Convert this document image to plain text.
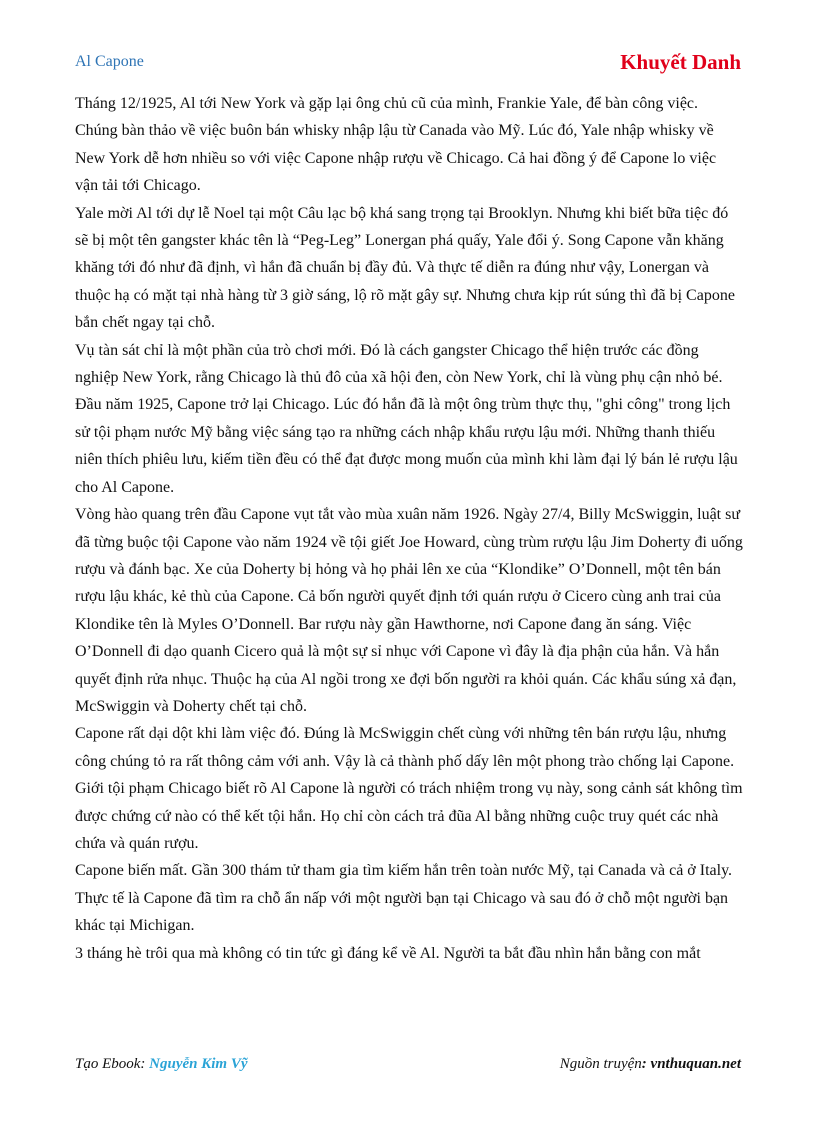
Al Capone	Khuyết Danh

Tháng 12/1925, Al tới New York và gặp lại ông chủ cũ của mình, Frankie Yale, để bàn công việc. Chúng bàn thảo về việc buôn bán whisky nhập lậu từ Canada vào Mỹ. Lúc đó, Yale nhập whisky về New York dễ hơn nhiều so với việc Capone nhập rượu về Chicago. Cả hai đồng ý để Capone lo việc vận tải tới Chicago.

Yale mời Al tới dự lễ Noel tại một Câu lạc bộ khá sang trọng tại Brooklyn. Nhưng khi biết bữa tiệc đó sẽ bị một tên gangster khác tên là “Peg-Leg” Lonergan phá quấy, Yale đổi ý. Song Capone vẫn khăng khăng tới đó như đã định, vì hắn đã chuẩn bị đầy đủ. Và thực tế diễn ra đúng như vậy, Lonergan và thuộc hạ có mặt tại nhà hàng từ 3 giờ sáng, lộ rõ mặt gây sự. Nhưng chưa kịp rút súng thì đã bị Capone bắn chết ngay tại chỗ.

Vụ tàn sát chỉ là một phần của trò chơi mới. Đó là cách gangster Chicago thể hiện trước các đồng nghiệp New York, rằng Chicago là thủ đô của xã hội đen, còn New York, chỉ là vùng phụ cận nhỏ bé.

Đầu năm 1925, Capone trở lại Chicago. Lúc đó hắn đã là một ông trùm thực thụ, "ghi công" trong lịch sử tội phạm nước Mỹ bằng việc sáng tạo ra những cách nhập khẩu rượu lậu mới. Những thanh thiếu niên thích phiêu lưu, kiếm tiền đều có thể đạt được mong muốn của mình khi làm đại lý bán lẻ rượu lậu cho Al Capone.

Vòng hào quang trên đầu Capone vụt tắt vào mùa xuân năm 1926. Ngày 27/4, Billy McSwiggin, luật sư đã từng buộc tội Capone vào năm 1924 về tội giết Joe Howard, cùng trùm rượu lậu Jim Doherty đi uống rượu và đánh bạc. Xe của Doherty bị hỏng và họ phải lên xe của “Klondike” O’Donnell, một tên bán rượu lậu khác, kẻ thù của Capone. Cả bốn người quyết định tới quán rượu ở Cicero cùng anh trai của Klondike tên là Myles O’Donnell. Bar rượu này gần Hawthorne, nơi Capone đang ăn sáng. Việc O’Donnell đi dạo quanh Cicero quả là một sự sỉ nhục với Capone vì đây là địa phận của hắn. Và hắn quyết định rửa nhục. Thuộc hạ của Al ngồi trong xe đợi bốn người ra khỏi quán. Các khẩu súng xả đạn, McSwiggin và Doherty chết tại chỗ.

Capone rất dại dột khi làm việc đó. Đúng là McSwiggin chết cùng với những tên bán rượu lậu, nhưng công chúng tỏ ra rất thông cảm với anh. Vậy là cả thành phố dấy lên một phong trào chống lại Capone.

Giới tội phạm Chicago biết rõ Al Capone là người có trách nhiệm trong vụ này, song cảnh sát không tìm được chứng cứ nào có thể kết tội hắn. Họ chỉ còn cách trả đũa Al bằng những cuộc truy quét các nhà chứa và quán rượu.

Capone biến mất. Gần 300 thám tử tham gia tìm kiếm hắn trên toàn nước Mỹ, tại Canada và cả ở Italy. Thực tế là Capone đã tìm ra chỗ ẩn nấp với một người bạn tại Chicago và sau đó ở chỗ một người bạn khác tại Michigan.

3 tháng hè trôi qua mà không có tin tức gì đáng kể về Al. Người ta bắt đầu nhìn hắn bằng con mắt

Tạo Ebook: Nguyễn Kim Vỹ	Nguồn truyện: vnthuquan.net
